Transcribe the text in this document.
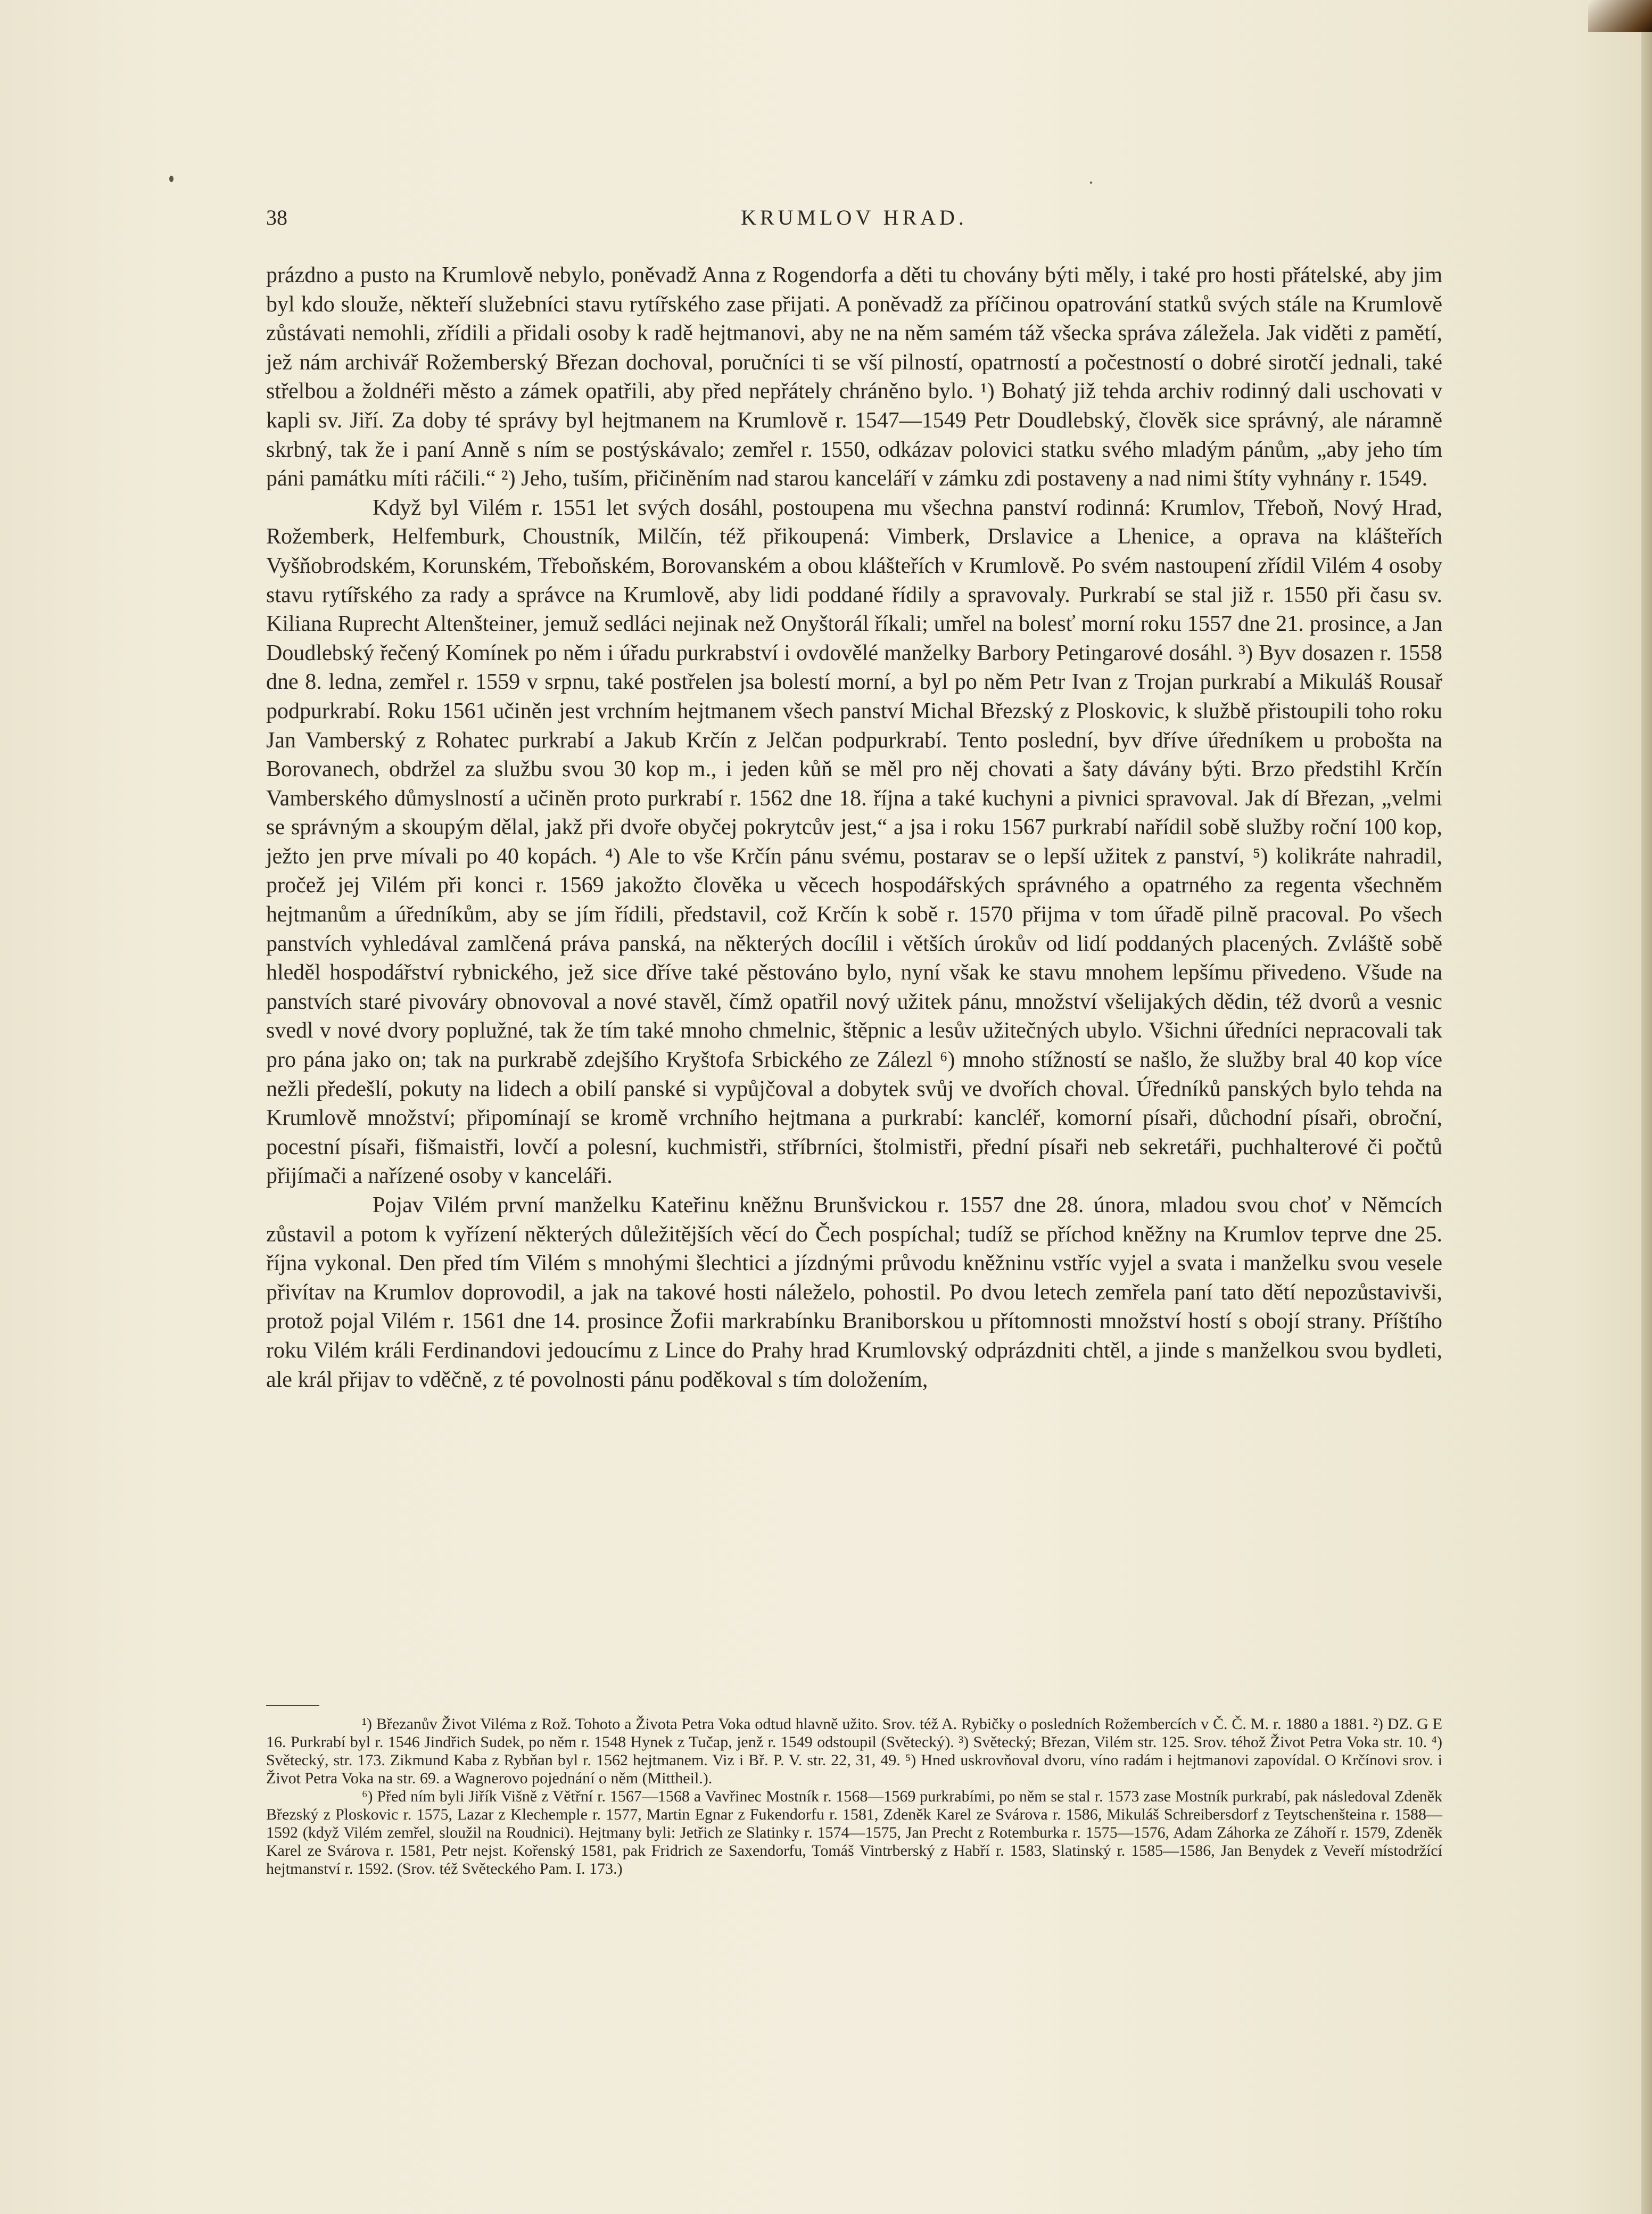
38	KRUMLOV HRAD.

prázdno a pusto na Krumlově nebylo, poněvadž Anna z Rogendorfa a děti tu chovány býti měly, i také pro hosti přátelské, aby jim byl kdo slouže, někteří služebníci stavu rytířského zase přijati. A poněvadž za příčinou opatrování statků svých stále na Krumlově zůstávati nemohli, zřídili a přidali osoby k radě hejtmanovi, aby ne na něm samém táž všecka správa záležela. Jak viděti z pamětí, jež nám archivář Rožemberský Březan dochoval, poručníci ti se vší pilností, opatrností a počestností o dobré sirotčí jednali, také střelbou a žoldnéři město a zámek opatřili, aby před nepřátely chráněno bylo. ¹) Bohatý již tehda archiv rodinný dali uschovati v kapli sv. Jiří. Za doby té správy byl hejtmanem na Krumlově r. 1547—1549 Petr Doudlebský, člověk sice správný, ale náramně skrbný, tak že i paní Anně s ním se postýskávalo; zemřel r. 1550, odkázav polovici statku svého mladým pánům, „aby jeho tím páni památku míti ráčili.“ ²) Jeho, tuším, přičiněním nad starou kanceláří v zámku zdi postaveny a nad nimi štíty vyhnány r. 1549.

Když byl Vilém r. 1551 let svých dosáhl, postoupena mu všechna panství rodinná: Krumlov, Třeboň, Nový Hrad, Rožemberk, Helfemburk, Choustník, Milčín, též přikoupená: Vimberk, Drslavice a Lhenice, a oprava na klášteřích Vyšňobrodském, Korunském, Třeboňském, Borovanském a obou klášteřích v Krumlově. Po svém nastoupení zřídil Vilém 4 osoby stavu rytířského za rady a správce na Krumlově, aby lidi poddané řídily a spravovaly. Purkrabí se stal již r. 1550 při času sv. Kiliana Ruprecht Altenšteiner, jemuž sedláci nejinak než Onyštorál říkali; umřel na bolesť morní roku 1557 dne 21. prosince, a Jan Doudlebský řečený Komínek po něm i úřadu purkrabství i ovdovělé manželky Barbory Petingarové dosáhl. ³) Byv dosazen r. 1558 dne 8. ledna, zemřel r. 1559 v srpnu, také postřelen jsa bolestí morní, a byl po něm Petr Ivan z Trojan purkrabí a Mikuláš Rousař podpurkrabí. Roku 1561 učiněn jest vrchním hejtmanem všech panství Michal Březský z Ploskovic, k službě přistoupili toho roku Jan Vamberský z Rohatec purkrabí a Jakub Krčín z Jelčan podpurkrabí. Tento poslední, byv dříve úředníkem u probošta na Borovanech, obdržel za službu svou 30 kop m., i jeden kůň se měl pro něj chovati a šaty dávány býti. Brzo předstihl Krčín Vamberského důmyslností a učiněn proto purkrabí r. 1562 dne 18. října a také kuchyni a pivnici spravoval. Jak dí Březan, „velmi se správným a skoupým dělal, jakž při dvoře obyčej pokrytcův jest,“ a jsa i roku 1567 purkrabí nařídil sobě služby roční 100 kop, ježto jen prve mívali po 40 kopách. ⁴) Ale to vše Krčín pánu svému, postarav se o lepší užitek z panství, ⁵) kolikráte nahradil, pročež jej Vilém při konci r. 1569 jakožto člověka u věcech hospodářských správného a opatrného za regenta všechněm hejtmanům a úředníkům, aby se jím řídili, představil, což Krčín k sobě r. 1570 přijma v tom úřadě pilně pracoval. Po všech panstvích vyhledával zamlčená práva panská, na některých docílil i větších úrokův od lidí poddaných placených. Zvláště sobě hleděl hospodářství rybnického, jež sice dříve také pěstováno bylo, nyní však ke stavu mnohem lepšímu přivedeno. Všude na panstvích staré pivováry obnovoval a nové stavěl, čímž opatřil nový užitek pánu, množství všelijakých dědin, též dvorů a vesnic svedl v nové dvory poplužné, tak že tím také mnoho chmelnic, štěpnic a lesův užitečných ubylo. Všichni úředníci nepracovali tak pro pána jako on; tak na purkrabě zdejšího Kryštofa Srbického ze Zálezl ⁶) mnoho stížností se našlo, že služby bral 40 kop více nežli předešlí, pokuty na lidech a obilí panské si vypůjčoval a dobytek svůj ve dvořích choval. Úředníků panských bylo tehda na Krumlově množství; připomínají se kromě vrchního hejtmana a purkrabí: kancléř, komorní písaři, důchodní písaři, obroční, pocestní písaři, fišmaistři, lovčí a polesní, kuchmistři, stříbrníci, štolmistři, přední písaři neb sekretáři, puchhalterové či počtů přijímači a nařízené osoby v kanceláři.

Pojav Vilém první manželku Kateřinu kněžnu Brunšvickou r. 1557 dne 28. února, mladou svou choť v Němcích zůstavil a potom k vyřízení některých důležitějších věcí do Čech pospíchal; tudíž se příchod kněžny na Krumlov teprve dne 25. října vykonal. Den před tím Vilém s mnohými šlechtici a jízdnými průvodu kněžninu vstříc vyjel a svata i manželku svou vesele přivítav na Krumlov doprovodil, a jak na takové hosti náleželo, pohostil. Po dvou letech zemřela paní tato dětí nepozůstavivši, protož pojal Vilém r. 1561 dne 14. prosince Žofii markrabínku Braniborskou u přítomnosti množství hostí s obojí strany. Příštího roku Vilém králi Ferdinandovi jedoucímu z Lince do Prahy hrad Krumlovský odprázdniti chtěl, a jinde s manželkou svou bydleti, ale král přijav to vděčně, z té povolnosti pánu poděkoval s tím doložením,

¹) Březanův Život Viléma z Rož. Tohoto a Života Petra Voka odtud hlavně užito. Srov. též A. Rybičky o posledních Rožembercích v Č. Č. M. r. 1880 a 1881. ²) DZ. G E 16. Purkrabí byl r. 1546 Jindřich Sudek, po něm r. 1548 Hynek z Tučap, jenž r. 1549 odstoupil (Světecký). ³) Světecký; Březan, Vilém str. 125. Srov. téhož Život Petra Voka str. 10. ⁴) Světecký, str. 173. Zikmund Kaba z Rybňan byl r. 1562 hejtmanem. Viz i Bř. P. V. str. 22, 31, 49. ⁵) Hned uskrovňoval dvoru, víno radám i hejtmanovi zapovídal. O Krčínovi srov. i Život Petra Voka na str. 69. a Wagnerovo pojednání o něm (Mittheil.).

⁶) Před ním byli Jiřík Višně z Větřní r. 1567—1568 a Vavřinec Mostník r. 1568—1569 purkrabími, po něm se stal r. 1573 zase Mostník purkrabí, pak následoval Zdeněk Březský z Ploskovic r. 1575, Lazar z Klechemple r. 1577, Martin Egnar z Fukendorfu r. 1581, Zdeněk Karel ze Svárova r. 1586, Mikuláš Schreibersdorf z Teytschenšteina r. 1588—1592 (když Vilém zemřel, sloužil na Roudnici). Hejtmany byli: Jetřich ze Slatinky r. 1574—1575, Jan Precht z Rotemburka r. 1575—1576, Adam Záhorka ze Záhoří r. 1579, Zdeněk Karel ze Svárova r. 1581, Petr nejst. Kořenský 1581, pak Fridrich ze Saxendorfu, Tomáš Vintrberský z Habří r. 1583, Slatinský r. 1585—1586, Jan Benydek z Veveří místodržící hejtmanství r. 1592. (Srov. též Světeckého Pam. I. 173.)
